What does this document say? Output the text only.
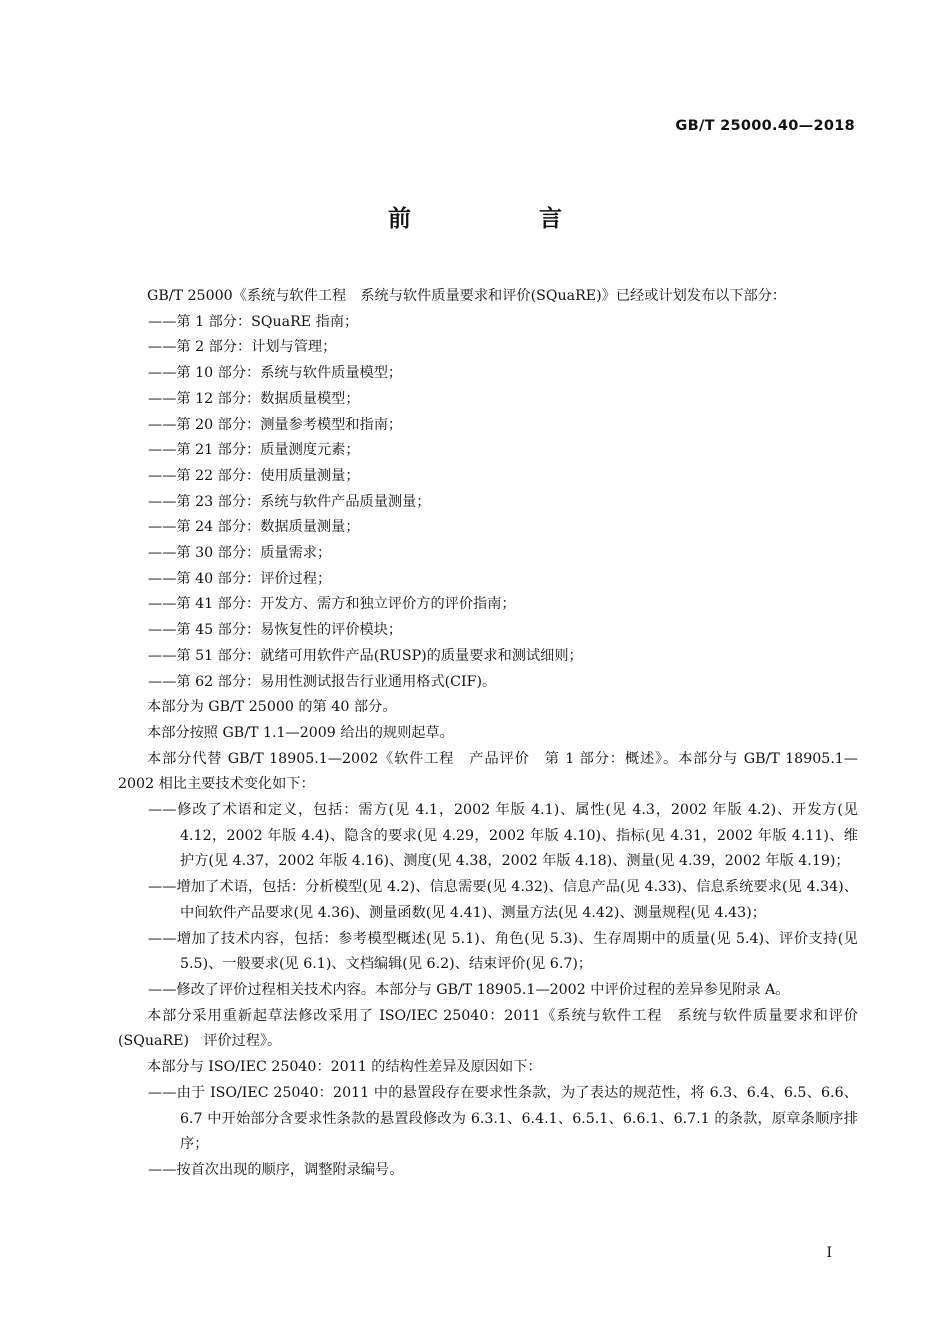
GB/T 25000.40—2018
前 言

GB/T 25000《系统与软件工程　系统与软件质量要求和评价(SQuaRE)》已经或计划发布以下部分：

——第 1 部分：SQuaRE 指南；

——第 2 部分：计划与管理；

——第 10 部分：系统与软件质量模型；

——第 12 部分：数据质量模型；

——第 20 部分：测量参考模型和指南；

——第 21 部分：质量测度元素；

——第 22 部分：使用质量测量；

——第 23 部分：系统与软件产品质量测量；

——第 24 部分：数据质量测量；

——第 30 部分：质量需求；

——第 40 部分：评价过程；

——第 41 部分：开发方、需方和独立评价方的评价指南；

——第 45 部分：易恢复性的评价模块；

——第 51 部分：就绪可用软件产品(RUSP)的质量要求和测试细则；

——第 62 部分：易用性测试报告行业通用格式(CIF)。

本部分为 GB/T 25000 的第 40 部分。

本部分按照 GB/T 1.1—2009 给出的规则起草。

本部分代替 GB/T 18905.1—2002《软件工程　产品评价　第 1 部分：概述》。本部分与 GB/T 18905.1—2002 相比主要技术变化如下：

——修改了术语和定义，包括：需方(见 4.1，2002 年版 4.1)、属性(见 4.3，2002 年版 4.2)、开发方(见 4.12，2002 年版 4.4)、隐含的要求(见 4.29，2002 年版 4.10)、指标(见 4.31，2002 年版 4.11)、维护方(见 4.37，2002 年版 4.16)、测度(见 4.38，2002 年版 4.18)、测量(见 4.39，2002 年版 4.19)；

——增加了术语，包括：分析模型(见 4.2)、信息需要(见 4.32)、信息产品(见 4.33)、信息系统要求(见 4.34)、中间软件产品要求(见 4.36)、测量函数(见 4.41)、测量方法(见 4.42)、测量规程(见 4.43)；

——增加了技术内容，包括：参考模型概述(见 5.1)、角色(见 5.3)、生存周期中的质量(见 5.4)、评价支持(见 5.5)、一般要求(见 6.1)、文档编辑(见 6.2)、结束评价(见 6.7)；

——修改了评价过程相关技术内容。本部分与 GB/T 18905.1—2002 中评价过程的差异参见附录 A。

本部分采用重新起草法修改采用了 ISO/IEC 25040：2011《系统与软件工程　系统与软件质量要求和评价(SQuaRE)　评价过程》。

本部分与 ISO/IEC 25040：2011 的结构性差异及原因如下：

——由于 ISO/IEC 25040：2011 中的悬置段存在要求性条款，为了表达的规范性，将 6.3、6.4、6.5、6.6、6.7 中开始部分含要求性条款的悬置段修改为 6.3.1、6.4.1、6.5.1、6.6.1、6.7.1 的条款，原章条顺序排序；

——按首次出现的顺序，调整附录编号。

I
